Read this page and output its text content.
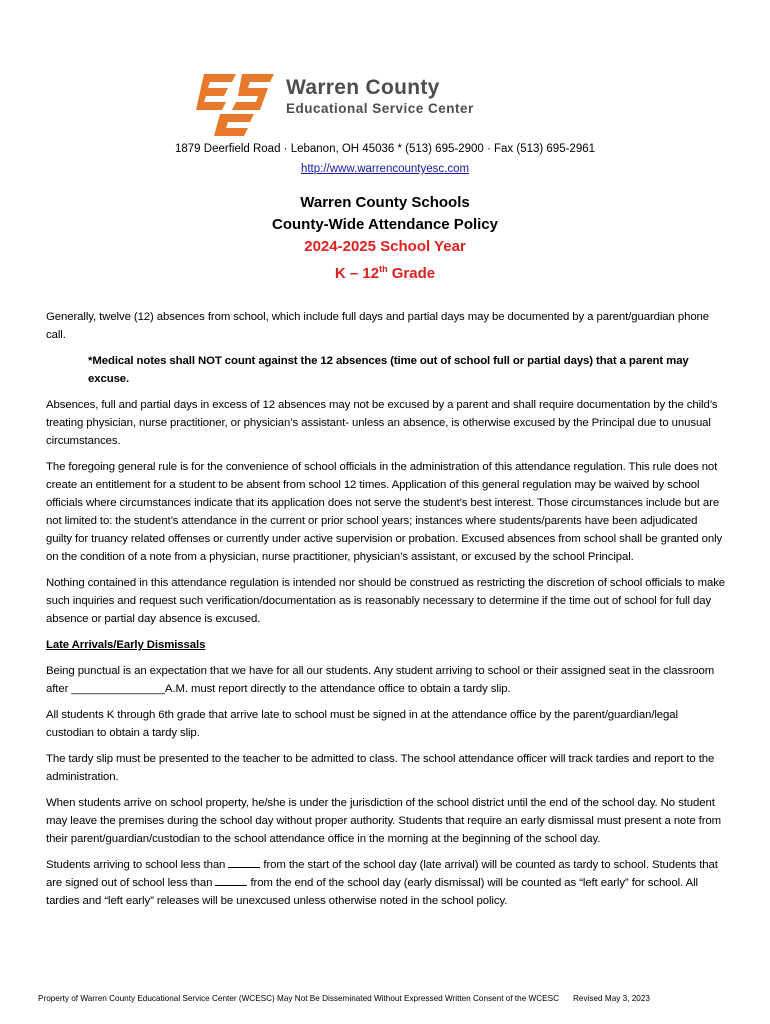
Warren County
Educational Service Center
1879 Deerfield Road · Lebanon, OH 45036 * (513) 695-2900 · Fax (513) 695-2961
http://www.warrencountyesc.com
Warren County Schools
County-Wide Attendance Policy
2024-2025 School Year
K – 12th Grade

Generally, twelve (12) absences from school, which include full days and partial days may be documented by a parent/guardian phone call.

*Medical notes shall NOT count against the 12 absences (time out of school full or partial days) that a parent may excuse.

Absences, full and partial days in excess of 12 absences may not be excused by a parent and shall require documentation by the child’s treating physician, nurse practitioner, or physician’s assistant- unless an absence, is otherwise excused by the Principal due to unusual circumstances.

The foregoing general rule is for the convenience of school officials in the administration of this attendance regulation. This rule does not create an entitlement for a student to be absent from school 12 times. Application of this general regulation may be waived by school officials where circumstances indicate that its application does not serve the student’s best interest. Those circumstances include but are not limited to: the student’s attendance in the current or prior school years; instances where students/parents have been adjudicated guilty for truancy related offenses or currently under active supervision or probation. Excused absences from school shall be granted only on the condition of a note from a physician, nurse practitioner, physician’s assistant, or excused by the school Principal.

Nothing contained in this attendance regulation is intended nor should be construed as restricting the discretion of school officials to make such inquiries and request such verification/documentation as is reasonably necessary to determine if the time out of school for full day absence or partial day absence is excused.

Late Arrivals/Early Dismissals

Being punctual is an expectation that we have for all our students. Any student arriving to school or their assigned seat in the classroom after _______________A.M. must report directly to the attendance office to obtain a tardy slip.

All students K through 6th grade that arrive late to school must be signed in at the attendance office by the parent/guardian/legal custodian to obtain a tardy slip.

The tardy slip must be presented to the teacher to be admitted to class. The school attendance officer will track tardies and report to the administration.

When students arrive on school property, he/she is under the jurisdiction of the school district until the end of the school day. No student may leave the premises during the school day without proper authority. Students that require an early dismissal must present a note from their parent/guardian/custodian to the school attendance office in the morning at the beginning of the school day.

Students arriving to school less than	from the start of the school day (late arrival) will be counted as tardy to school. Students that are signed out of school less than	from the end of the school day (early dismissal) will be counted as “left early” for school. All tardies and “left early” releases will be unexcused unless otherwise noted in the school policy.

Property of Warren County Educational Service Center (WCESC) May Not Be Disseminated Without Expressed Written Consent of the WCESC Revised May 3, 2023
